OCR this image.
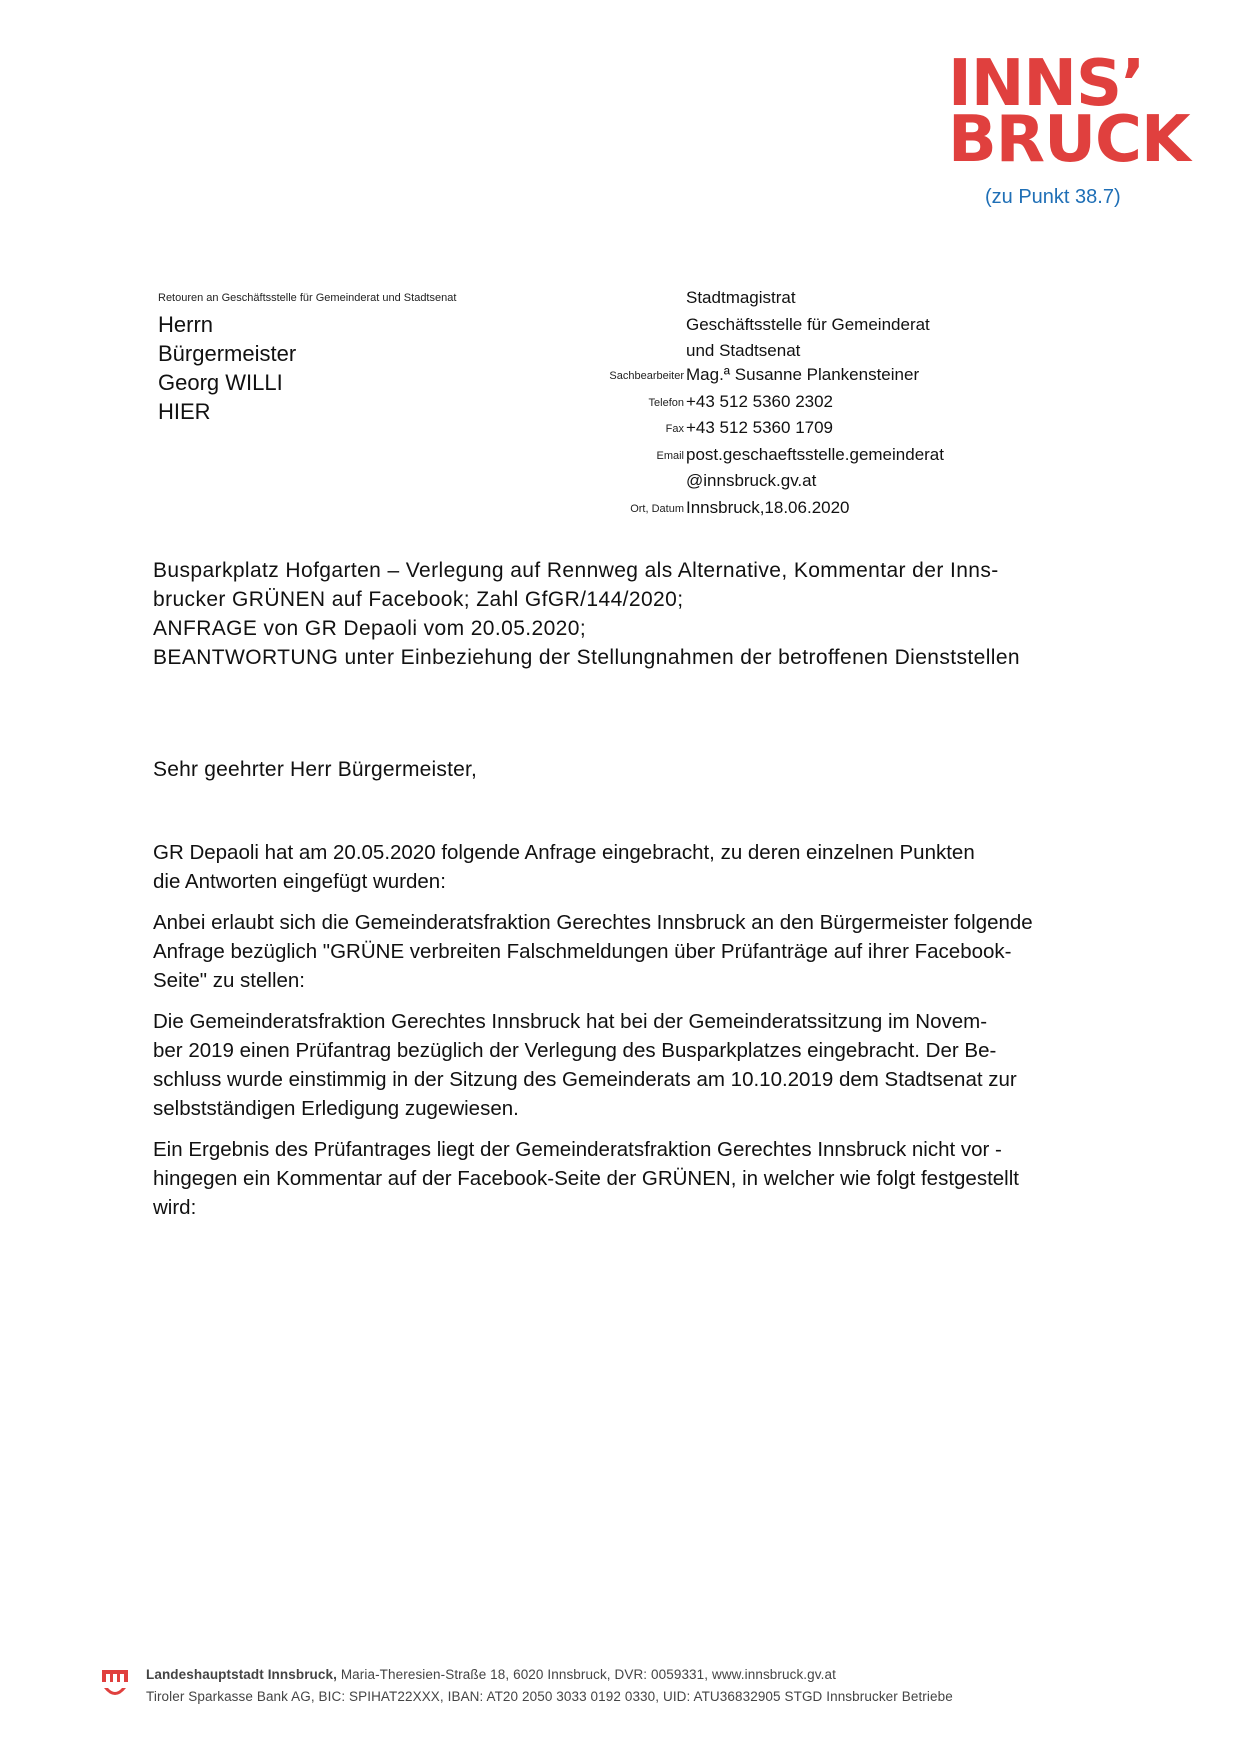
INNS’
BRUCK
(zu Punkt 38.7)
Retouren an Geschäftsstelle für Gemeinderat und Stadtsenat
Herrn
Bürgermeister
Georg WILLI
HIER
Stadtmagistrat
Geschäftsstelle für Gemeinderat
und Stadtsenat
Sachbearbeiter Mag.ª Susanne Plankensteiner
Telefon +43 512 5360 2302
Fax +43 512 5360 1709
Email post.geschaeftsstelle.gemeinderat
@innsbruck.gv.at
Ort, Datum Innsbruck,18.06.2020
Busparkplatz Hofgarten – Verlegung auf Rennweg als Alternative, Kommentar der Inns-
brucker GRÜNEN auf Facebook; Zahl GfGR/144/2020;
ANFRAGE von GR Depaoli vom 20.05.2020;
BEANTWORTUNG unter Einbeziehung der Stellungnahmen der betroffenen Dienststellen
Sehr geehrter Herr Bürgermeister,

GR Depaoli hat am 20.05.2020 folgende Anfrage eingebracht, zu deren einzelnen Punkten
die Antworten eingefügt wurden:

Anbei erlaubt sich die Gemeinderatsfraktion Gerechtes Innsbruck an den Bürgermeister folgende
Anfrage bezüglich "GRÜNE verbreiten Falschmeldungen über Prüfanträge auf ihrer Facebook-
Seite" zu stellen:

Die Gemeinderatsfraktion Gerechtes Innsbruck hat bei der Gemeinderatssitzung im Novem-
ber 2019 einen Prüfantrag bezüglich der Verlegung des Busparkplatzes eingebracht. Der Be-
schluss wurde einstimmig in der Sitzung des Gemeinderats am 10.10.2019 dem Stadtsenat zur
selbstständigen Erledigung zugewiesen.

Ein Ergebnis des Prüfantrages liegt der Gemeinderatsfraktion Gerechtes Innsbruck nicht vor -
hingegen ein Kommentar auf der Facebook-Seite der GRÜNEN, in welcher wie folgt festgestellt
wird:

Landeshauptstadt Innsbruck, Maria-Theresien-Straße 18, 6020 Innsbruck, DVR: 0059331, www.innsbruck.gv.at
Tiroler Sparkasse Bank AG, BIC: SPIHAT22XXX, IBAN: AT20 2050 3033 0192 0330, UID: ATU36832905 STGD Innsbrucker Betriebe
